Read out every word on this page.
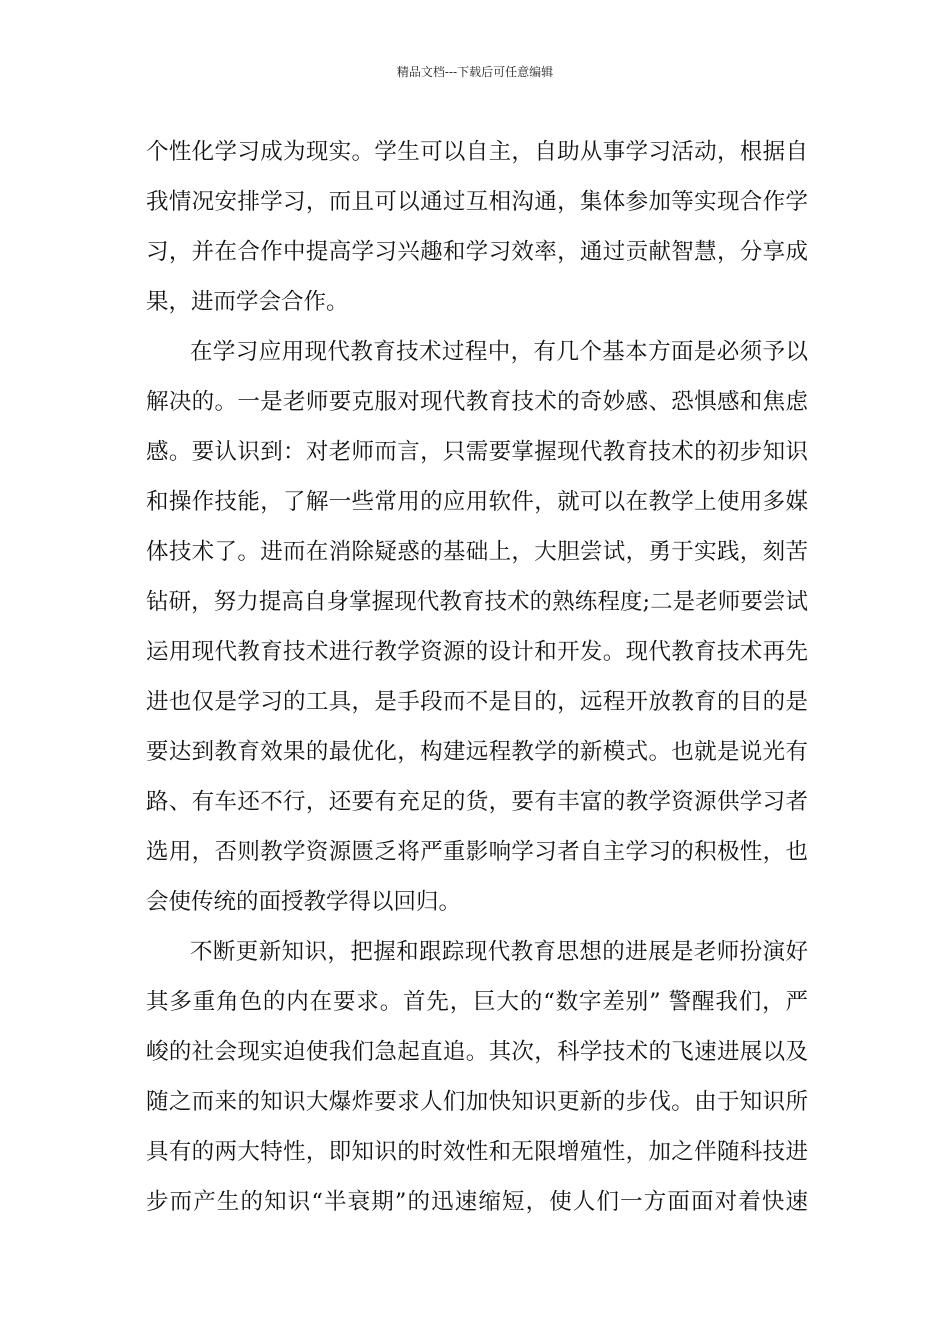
精品文档---下载后可任意编辑
个性化学习成为现实。学生可以自主，自助从事学习活动，根据自
我情况安排学习，而且可以通过互相沟通，集体参加等实现合作学
习，并在合作中提高学习兴趣和学习效率，通过贡献智慧，分享成
果，进而学会合作。
在学习应用现代教育技术过程中，有几个基本方面是必须予以
解决的。一是老师要克服对现代教育技术的奇妙感、恐惧感和焦虑
感。要认识到：对老师而言，只需要掌握现代教育技术的初步知识
和操作技能，了解一些常用的应用软件，就可以在教学上使用多媒
体技术了。进而在消除疑惑的基础上，大胆尝试，勇于实践，刻苦
钻研，努力提高自身掌握现代教育技术的熟练程度;二是老师要尝试
运用现代教育技术进行教学资源的设计和开发。现代教育技术再先
进也仅是学习的工具，是手段而不是目的，远程开放教育的目的是
要达到教育效果的最优化，构建远程教学的新模式。也就是说光有
路、有车还不行，还要有充足的货，要有丰富的教学资源供学习者
选用，否则教学资源匮乏将严重影响学习者自主学习的积极性，也
会使传统的面授教学得以回归。
不断更新知识，把握和跟踪现代教育思想的进展是老师扮演好
其多重角色的内在要求。首先，巨大的“数字差别” 警醒我们，严
峻的社会现实迫使我们急起直追。其次，科学技术的飞速进展以及
随之而来的知识大爆炸要求人们加快知识更新的步伐。由于知识所
具有的两大特性，即知识的时效性和无限增殖性，加之伴随科技进
步而产生的知识“半衰期”的迅速缩短，使人们一方面面对着快速
